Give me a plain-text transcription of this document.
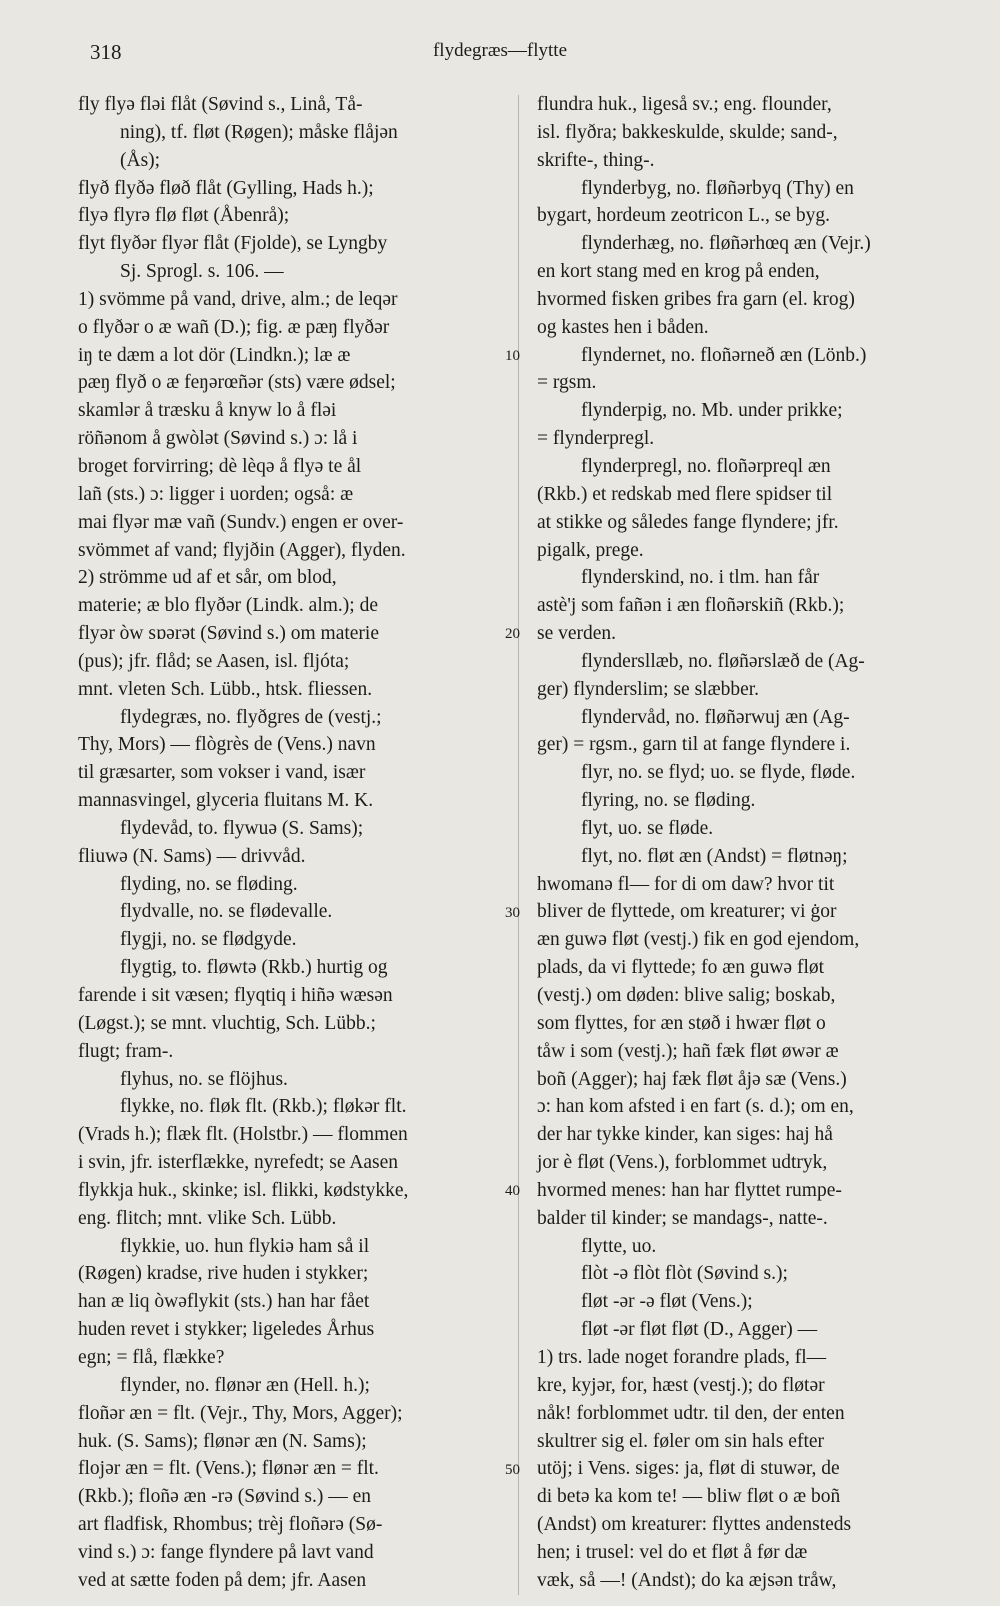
318	flydegræs—flytte
fly flyə fləi flåt (Søvind s., Linå, Tå-
ning), tf. fløt (Røgen); måske flåjən
(Ås);
flyð flyðə fløð flåt (Gylling, Hads h.);
flyə flyrə flø fløt (Åbenrå);
flyt flyðər flyər flåt (Fjolde), se Lyngby
Sj. Sprogl. s. 106. —
1) svömme på vand, drive, alm.; de leqər
o flyðər o æ wañ (D.); fig. æ pæŋ flyðər
iŋ te dæm a lot dör (Lindkn.); læ æ
pæŋ flyð o æ feŋərœñər (sts) være ødsel;
skamlər å træsku å knyw lo å fləi
röñənom å gwòlət (Søvind s.) ɔ: lå i
broget forvirring; dè lèqə å flyə te ål
lañ (sts.) ɔ: ligger i uorden; også: æ
mai flyər mæ vañ (Sundv.) engen er over-
svömmet af vand; flyjðin (Agger), flyden.
2) strömme ud af et sår, om blod,
materie; æ blo flyðər (Lindk. alm.); de
flyər òw sɒərət (Søvind s.) om materie
(pus); jfr. flåd; se Aasen, isl. fljóta;
mnt. vleten Sch. Lübb., htsk. fliessen.
flydegræs, no. flyðgres de (vestj.;
Thy, Mors) — flògrès de (Vens.) navn
til græsarter, som vokser i vand, især
mannasvingel, glyceria fluitans M. K.
flydevåd, to. flywuə (S. Sams);
fliuwə (N. Sams) — drivvåd.
flyding, no. se fløding.
flydvalle, no. se flødevalle.
flygji, no. se flødgyde.
flygtig, to. fløwtə (Rkb.) hurtig og
farende i sit væsen; flyqtiq i hiñə wæsən
(Løgst.); se mnt. vluchtig, Sch. Lübb.;
flugt; fram-.
flyhus, no. se flöjhus.
flykke, no. fløk flt. (Rkb.); fløkər flt.
(Vrads h.); flæk flt. (Holstbr.) — flommen
i svin, jfr. isterflække, nyrefedt; se Aasen
flykkja huk., skinke; isl. flikki, kødstykke,
eng. flitch; mnt. vlike Sch. Lübb.
flykkie, uo. hun flykiə ham så il
(Røgen) kradse, rive huden i stykker;
han æ liq òwəflykit (sts.) han har fået
huden revet i stykker; ligeledes Århus
egn; = flå, flække?
flynder, no. flønər æn (Hell. h.);
floñər æn = flt. (Vejr., Thy, Mors, Agger);
huk. (S. Sams); flønər æn (N. Sams);
flojər æn = flt. (Vens.); flønər æn = flt.
(Rkb.); floñə æn -rə (Søvind s.) — en
art fladfisk, Rhombus; trèj floñərə (Sø-
vind s.) ɔ: fange flyndere på lavt vand
ved at sætte foden på dem; jfr. Aasen
flundra huk., ligeså sv.; eng. flounder,
isl. flyðra; bakkeskulde, skulde; sand-,
skrifte-, thing-.
flynderbyg, no. fløñərbyq (Thy) en
bygart, hordeum zeotricon L., se byg.
flynderhæg, no. fløñərhœq æn (Vejr.)
en kort stang med en krog på enden,
hvormed fisken gribes fra garn (el. krog)
og kastes hen i båden.
flyndernet, no. floñərneð æn (Lönb.)
= rgsm.
flynderpig, no. Mb. under prikke;
= flynderpregl.
flynderpregl, no. floñərpreql æn
(Rkb.) et redskab med flere spidser til
at stikke og således fange flyndere; jfr.
pigalk, prege.
flynderskind, no. i tlm. han får
astè'j som fañən i æn floñərskiñ (Rkb.);
se verden.
flyndersllæb, no. fløñərslæð de (Ag-
ger) flynderslim; se slæbber.
flyndervåd, no. fløñərwuj æn (Ag-
ger) = rgsm., garn til at fange flyndere i.
flyr, no. se flyd; uo. se flyde, fløde.
flyring, no. se fløding.
flyt, uo. se fløde.
flyt, no. fløt æn (Andst) = fløtnəŋ;
hwomanə fl— for di om daw? hvor tit
bliver de flyttede, om kreaturer; vi ġor
æn guwə fløt (vestj.) fik en god ejendom,
plads, da vi flyttede; fo æn guwə fløt
(vestj.) om døden: blive salig; boskab,
som flyttes, for æn støð i hwær fløt o
tåw i som (vestj.); hañ fæk fløt øwər æ
boñ (Agger); haj fæk fløt åjə sæ (Vens.)
ɔ: han kom afsted i en fart (s. d.); om en,
der har tykke kinder, kan siges: haj hå
jor è fløt (Vens.), forblommet udtryk,
hvormed menes: han har flyttet rumpe-
balder til kinder; se mandags-, natte-.
flytte, uo.
flòt -ə flòt flòt (Søvind s.);
fløt -ər -ə fløt (Vens.);
fløt -ər fløt fløt (D., Agger) —
1) trs. lade noget forandre plads, fl—
kre, kyjər, for, hæst (vestj.); do fløtər
nåk! forblommet udtr. til den, der enten
skultrer sig el. føler om sin hals efter
utöj; i Vens. siges: ja, fløt di stuwər, de
di betə ka kom te! — bliw fløt o æ boñ
(Andst) om kreaturer: flyttes andensteds
hen; i trusel: vel do et fløt å før dæ
væk, så —! (Andst); do ka æjsən tråw,
10
20
30
40
50
